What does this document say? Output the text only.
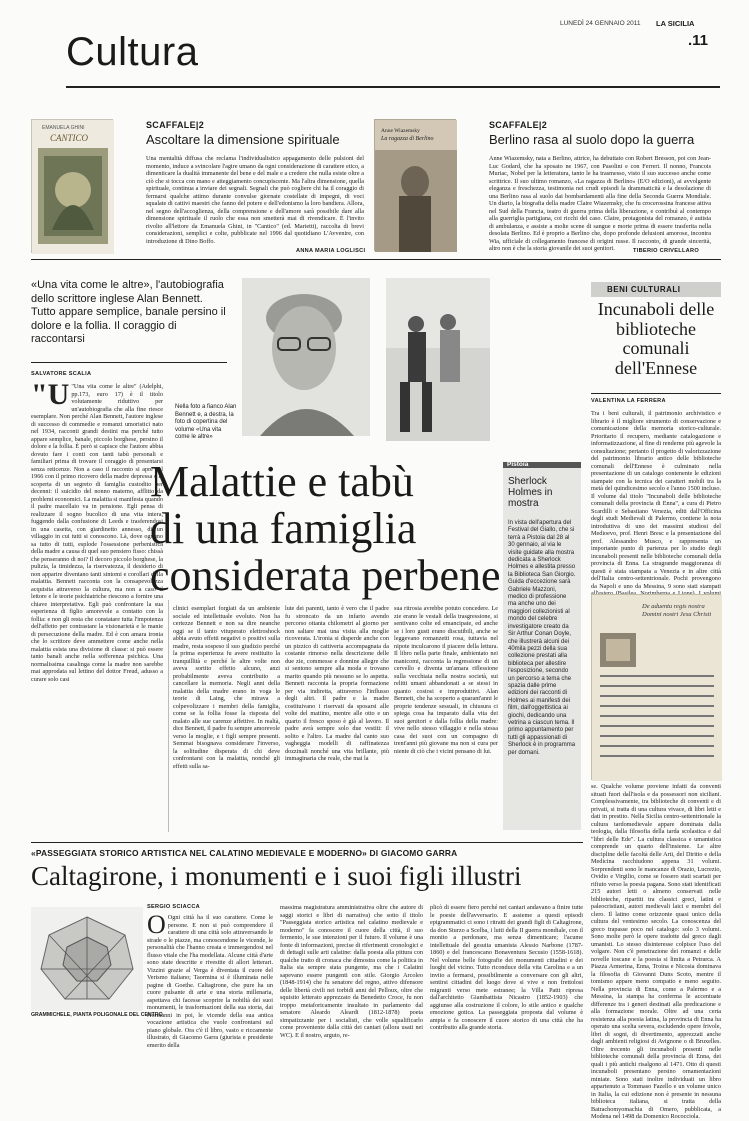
LUNEDÌ 24 GENNAIO 2011 LA SICILIA
.11
Cultura
EMANUELA GHINI
CANTICO
SCAFFALE|2
Ascoltare la dimensione spirituale
Una mentalità diffusa che reclama l'individualistico appagamento delle pulsioni del momento, induce a svincolare l'agire umano da ogni considerazione di carattere etico, a dimenticare la dualità immanente del bene e del male e a credere che nulla esiste oltre a ciò che si tocca con mano e atteggiamento concupiscente. Ma l'altra dimensione, quella spirituale, continua a inviare dei segnali. Segnali che può cogliere chi ha il coraggio di fermarsi qualche attimo durante convulse giornate costellate di impegni, di voci squalate di cattivi maestri che fanno del potere e dell'edonismo la loro bandiera. Allora, nel segno dell'accoglienza, della comprensione e dell'amore sarà possibile dare alla dimensione spirituale il ruolo che essa non smetterà mai di rivendicare. È l'invito rivolto all'lettore da Emanuela Ghini, in "Cantico" (ed. Marietti), raccolta di brevi considerazioni, semplici e colte, pubblicate nel 1996 dal quotidiano L'Avvenire, con introduzione di Dino Boffo.
ANNA MARIA LOGLISCI
Anne Wiazemsky
La ragazza di Berlino
SCAFFALE|2
Berlino rasa al suolo dopo la guerra
Anne Wiazemsky, nata a Berlino, attrice, ha debuttato con Robert Bresson, poi con Jean-Luc Godard, che ha sposato ne 1967, con Pasolini e con Ferreri. Il nonno, Francois Muriac, Nobel per la letteratura, tanto le ha trasmesso, visto il suo successo anche come scrittrice. Il suo ultimo romanzo, «La ragazza di Berlino» (E/O edizioni), ai avvolgente eleganza e freschezza, testimonia nei crudi episodi la drammaticità e la desolazione di una Berlino rasa al suolo dai bombardamenti alla fine della Seconda Guerra Mondiale. Un diario, la biografia della madre Claire Wiazemsky, che fu crocerossina francese attiva nel Sud della Francia, teatro di guerra prima della liberazione, e contribuì al contempo alla guerriglia partigiana, coi ricchi del caso. Claire, protagonista del romanzo, è autista di ambulanza, e assiste a molte scene di sangue e morte prima di essere trasferita nella desolata Berlino. Ed è proprio a Berlino che, dopo profonde delusioni amorose, incontra Wia, ufficiale di collegamento francese di origini russe. Il racconto, di grande sincerità, altro non è che la storia giovanile dei suoi genitori.	TIBERIO CRIVELLARO
«Una vita come le altre», l'autobiografia dello scrittore inglese Alan Bennett. Tutto appare semplice, banale persino il dolore e la follia. Il coraggio di raccontarsi
SALVATORE SCALIA
Nella foto a fianco Alan Bennett e, a destra, la foto di copertina del volume «Una vita come le altre»
Malattie e tabù
di una famiglia
considerata perbene
"U "Una vita come le altre" (Adelphi, pp.173, euro 17) è il titolo volutamente riduttivo per un'autobiografia che alla fine riesce esemplare. Non perché Alan Bennett, l'autore inglese di successo di commedie e romanzi umoristici nato nel 1934, racconti grandi destini ma perché tutto appare semplice, banale, piccolo borghese, persino il dolore e la follia. È però si capisce che l'autore abbia dovuto fare i conti con tanti tabù personali e familiari prima di trovare il coraggio di presentarsi senza reticenze. Non a caso il racconto si apre nel 1966 con il primo ricovero della madre depressa e la scoperta di un segreto di famiglia custodito per decenni: il suicidio del nonno materno, afflitto da problemi economici. La malattia si manifesta quando il padre macellaio va in pensione. Egli pensa di realizzare il sogno bucolico di una vita intera, fuggendo dalla confusione di Leeds e trasferendosi in una casetta, con giardinetto annesso, di un villaggio in cui tutti si conoscono. Là, dove ognuno sa tutto di tutti, esplode l'ossessione perbenistica della madre a causa di quel suo pensiero fisso: chissà che penseranno di noi? Il decoro piccolo borghese, la pulizia, la timidezza, la riservatezza, il desiderio di non apparire diventano tanti sintomi e corollari della malattia. Bennett racconta con la consapevolezza acquisita attraverso la cultura, ma non a caso il lettore e le teorie psichiatriche riescono a fornire una chiave interpretativa. Egli può confrontare la sua esperienza di figlio amorevole a contatto con la follia: e non gli resta che constatare tutta l'impotenza dell'affetto per contrastare la visionarietà e le manie di persecuzione della madre. Ed è con amara ironia che lo scrittore deve ammettere come anche nella malattia esista una divisione di classe: si può essere tanto banali anche nella sofferenza psichica. Una normalissima casalinga come la madre non sarebbe mai approdata sul lettino del dottor Freud, adusso a curare solo casi
clinici esemplari forgiati da un ambiente sociale ed intellettuale evoluto. Non ha certezze Bennett e non sa dire neanche oggi se il tanto vituperato elettroshock abbia avuto effetti negativi o positivi sulla madre, resta sospeso il suo giudizio perché la prima esperienza fu avere restituito la tranquillità e perché le altre volte non aveva sortito effetto alcuno, anzi probabilmente aveva contribuito a cancellare la memoria. Negli anni della malattia della madre erano in voga le teorie di Laing, che mirava a colpevolizzare i membri della famiglia, come se la follia fosse la risposta del malato alle sue carenze affettive. In realtà, dice Bennett, il padre fu sempre amorevole verso la moglie, e i figli sempre presenti. Semmai bisognava considerare l'inverso, la solitudine disperata di chi deve confrontarsi con la malattia, nonché gli effetti sulla sa-
lute dei parenti, tanto è vero che il padre fu stroncato da un infarto avendo percorso ottanta chilometri al giorno per non saltare mai una visita alla moglie ricoverata. L'ironia si disperde anche con un pizzico di cattiveria accompagnata da costante rimorso nella descrizione delle due zie, commesse e donnine allegre che si sentono sempre alla moda e trovano marito quando più nessuno se lo aspetta. Bennett racconta la propria formazione per via indiretta, attraverso l'influsso degli altri. Il padre e la madre costituivano i riservati da sposarsi alle volte del mattino, mentre alle otto e un quarto il fresco sposo è già al lavoro. Il padre avrà sempre solo due vestiti: il solito e l'altro. La madre dal canto suo vagheggia modelli di raffinatezza dozzinali nonché una vita brillante, più immaginaria che reale, che mai la
sua ritrosia avrebbe potuto concedere. Le zie erano le vestali della trasgressione, si sentivano colte ed emancipate, ed anche se i loro gusti erano discutibili, anche se leggevano romanzetti rosa, tuttavia nel nipote inculcarono il piacere della lettura. Il libro nella parte finale, ambientato nei manicomi, racconta la regressione di un cervello e diventa un'amara riflessione sulla vecchiaia nella nostra società, sui relitti umani abbandonati a se stessi in quanto costosi e improduttivi. Alan Bennett, che ha scoperto a quarant'anni le proprie tendenze sessuali, in chiusura ci spiega cosa ha imparato dalla vita dei suoi genitori e dalla follia della madre: vive nello stesso villaggio e nella stessa casa dei suoi con un compagno di trent'anni più giovane ma non si cura per niente di ciò che i vicini pensano di lui.
Pistoia
Sherlock Holmes in mostra
In vista dell'apertura del Festival del Giallo, che si terrà a Pistoia dal 28 al 30 gennaio, al via le visite guidate alla mostra dedicata a Sherlock Holmes e allestita presso la Biblioteca San Giorgio. Guida d'eccezione sarà Gabriele Mazzoni, medico di professione ma anche uno dei maggiori collezionisti al mondo del celebre investigatore creato da Sir Arthur Conan Doyle, che illustrerà alcuni dei 40mila pezzi della sua collezione prestati alla biblioteca per allestire l'esposizione, secondo un percorso a tema che spazia dalle prime edizioni dei racconti di Holmes ai manifesti dei film, dall'oggettistica ai giochi, dedicando una vetrina a ciascun tema. Il primo appuntamento per tutti gli appassionati di Sherlock è in programma per domani.
BENI CULTURALI
Incunaboli delle biblioteche comunali dell'Ennese
VALENTINA LA FERRERA
Tra i beni culturali, il patrimonio archivistico e librario è il migliore strumento di conservazione e comunicazione della memoria storico-culturale. Prioritario il recupero, mediante catalogazione e informatizzazione, al fine di renderne più agevole la consultazione; pertanto il progetto di valorizzazione del patrimonio librario antico delle biblioteche comunali dell'Ennese è culminato nella presentazione di un catalogo contenente le edizioni stampate con la tecnica dei caratteri mobili tra la metà del quindicesimo secolo e l'anno 1500 incluso. Il volume dal titolo "Incunaboli delle biblioteche comunali della provincia di Enna", a cura di Pietro Scardilli e Sebastiano Venezia, editi dall'Officina degli studi Medievali di Palermo, contiene la nota introduttiva di uno dei massimi studiosi del Medioevo, prof. Henri Bresc e la presentazione del prof. Alessandro Musco, e rappresenta un importante punto di partenza per lo studio degli incunaboli presenti nelle biblioteche comunali della provincia di Enna. La stragrande maggioranza di questi è stata stampata a Venezia e in altre città dell'Italia centro-settentrionale. Pochi provengono da Napoli e uno da Messina, 9 sono stati stampati
De aduentu regis nostra Domini nostri Jesu Christi
se. Qualche volume proviene infatti da conventi situati fuori dall'isola e da possessori non siciliani. Complessivamente, tra biblioteche di conventi e di privati, si tratta di una cultura vivace, di libri letti e dati in prestito. Nella Sicilia centro-settentrionale la cultura tardomedievale appare dominata dalla teologia, dalla filosofia della tarda scolastica e dal "libri delle Ede". La cultura classica e umanistica comprende un quarto dell'insieme. Le altre discipline delle facoltà delle Arti, del Diritto e della Medicina racchiudono appena 31 volumi. Sorprendenti sono le mancanze di Orazio, Lucrezio, Ovidio e Virgilio, come se fossero stati scartati per rifiuto verso la poesia pagana. Sono stati identificati 215 autori letti o almeno conservati nelle biblioteche, ripartiti tra classici greci, latini e paleocristiani, autori medievali laici e membri del clero. Il latino come orizzonte quasi unico della cultura del ventesimo secolo. La conoscenza del greco trapasse poco nel catalogo: solo 3 volumi. Sono molte però le opere tradotte dal greco dagli umanisti. Lo stesso disinteresse colpisce l'uso del volgare. Non c'è penetrazione dei romanzi e delle novelle toscane e la poesia si limita a Petrarca. A Piazza Armerina, Enna, Troina e Nicosia dominava la filosofia di Giovanni Duns Scoto, mentre il tomismo appare meno compatto e meno seguito. Nella provincia di Enna, come a Palermo e a Messina, la stampa ha conferma le accentuate differenze tra i generi destinati alla predicazione e alla formazione morale. Oltre ad una certa resistenza alla poesia latina, la provincia di Enna ha operato una scelta severa, escludendo opere frivole, libri di sogni, di divertimento, apprezzati anche dagli ambienti religiosi di Avignone o di Bruxelles. Oltre trecento gli incunaboli presenti nelle biblioteche comunali della provincia di Enna, dei quali i più antichi risalgono al 1471. Otto di questi incunaboli presentano persino ornamentazioni miniate. Sono stati inoltre individuati un libro appartenuto a Tommaso Fazello e un volume unico in Italia, la cui edizione non è presente in nessuna biblioteca italiana, si tratta della Batrachomyomachia di Omero, pubblicata, a Modena nel 1498 da Domenico Rococciola.
«PASSEGGIATA STORICO ARTISTICA NEL CALATINO MEDIEVALE E MODERNO» DI GIACOMO GARRA
Caltagirone, i monumenti e i suoi figli illustri
GRAMMICHELE, PIANTA POLIGONALE DEL CENTRO
SERGIO SCIACCA
O Ogni città ha il suo carattere. Come le persone. E non si può comprendere il carattere di una città solo attraversando le strade o le piazze, ma conoscendone le vicende, le personalità che l'hanno creata e immergendosi nel flusso vitale che l'ha modellata. Alcune città d'arte sono state descritte e rivestite di allori letterari. Vizzini grazie al Verga è diventata il cuore del Verismo italiano; Taormina si è illuminata nelle pagine di Goethe. Caltagirone, che pure ha un cuore pulsante di arte e una storia millenaria, aspettava chi facesse scoprire la nobiltà dei suoi monumenti, le trasformazioni della sua storia, dai Normanni in poi, le vicende della sua antica vocazione artistica che vuole confrontarsi sul piano globale. Ora c'è il libro, vasto e riccamente illustrato, di Giacomo Garra (giurista e presidente emerito della
massima magistratura amministrativa oltre che autore di saggi storici e libri di narrativa) che sotto il titolo "Passeggiata storico artistica nel calatino medievale e moderno" fa conoscere il cuore della città, il suo fermento, le sue intenzioni per il futuro. Il volume è una fonte di informazioni, precise di riferimenti cronologici e di dettagli sulle arti calatine: dalla poesia alla pittura con qualche tratto di cronaca che dimostra come la politica in Italia sia sempre stata pungente, ma che i Calatini sapevano essere pungenti con stile. Giorgio Arcoleo (1848-1914) che fu senatore del regno, attivo difensore delle libertà civili nei torbidi anni del Pelloux, oltre che squisito letterato apprezzato da Benedetto Croce, fu non troppo metaforicamente insultato in parlamento dal senatore Aleardo Aleardi (1812-1878) poeta simpatizzante per i socialisti, che volle squalificarlo come proveniente dalla città dei cantari (allora usati nei WC). E il nostro, arguto, re-
plicò di essere fiero perché nei cantari andavano a finire tutte le poesie dell'avversario. E assieme a questi episodi epigrammatici ci sono i ritratti dei grandi figli di Caltagirone, da don Sturzo a Scelba, i lutti della II guerra mondiale, con il monito a perdonare, ma senza dimenticare; l'acume intellettuale del gesuita umanista Alessio Narbone (1787-1860) e del francescano Bonaventura Secusio (1558-1618). Nel volume belle fotografie dei monumenti cittadini e dei luoghi del vicino. Tutto riconduce della vita Carolina e a un invito a fermarsi, possibilmente a conversare con gli altri, sentirsi cittadini del luogo dove si vive e non frettolosi migranti verso mete estranee; la Villa Patti ripresa dall'architetto Giambattista Nicastro (1852-1903) che aggiunse alla costruzione il colore, lo stile antico e qualche emozione gotica. La passeggiata proposta dal volume è ampia e fa conoscere il cuore storico di una città che ha contribuito alla grande storia.
